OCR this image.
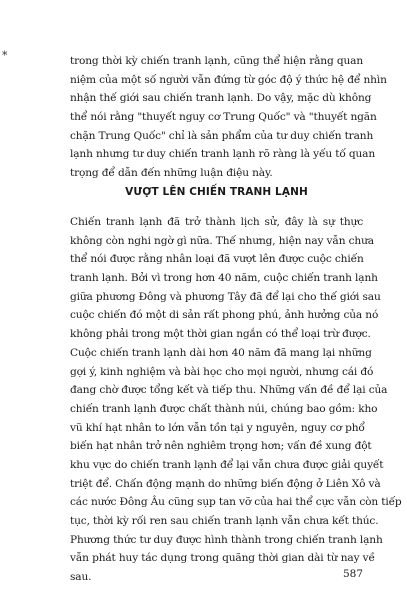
*	trong thời kỳ chiến tranh lạnh, cũng thể hiện rằng quan
niệm của một số người vẫn đứng từ góc độ ý thức hệ để nhìn
nhận thế giới sau chiến tranh lạnh. Do vậy, mặc dù không
thể nói rằng "thuyết nguy cơ Trung Quốc" và "thuyết ngăn
chặn Trung Quốc" chỉ là sản phẩm của tư duy chiến tranh
lạnh nhưng tư duy chiến tranh lạnh rõ ràng là yếu tố quan
trọng để dẫn đến những luận điệu này.
VƯỢT LÊN CHIẾN TRANH LẠNH
Chiến tranh lạnh đã trở thành lịch sử, đây là sự thực
không còn nghi ngờ gì nữa. Thế nhưng, hiện nay vẫn chưa
thể nói được rằng nhân loại đã vượt lên được cuộc chiến
tranh lạnh. Bởi vì trong hơn 40 năm, cuộc chiến tranh lạnh
giữa phương Đông và phương Tây đã để lại cho thế giới sau
cuộc chiến đó một di sản rất phong phú, ảnh hưởng của nó
không phải trong một thời gian ngắn có thể loại trừ được.
Cuộc chiến tranh lạnh dài hơn 40 năm đã mang lại những
gợi ý, kinh nghiệm và bài học cho mọi người, nhưng cái đó
đang chờ được tổng kết và tiếp thu. Những vấn đề để lại của
chiến tranh lạnh được chất thành núi, chúng bao gồm: kho
vũ khí hạt nhân to lớn vẫn tồn tại y nguyên, nguy cơ phổ
biến hạt nhân trở nên nghiêm trọng hơn; vấn đề xung đột
khu vực do chiến tranh lạnh để lại vẫn chưa được giải quyết
triệt để. Chấn động mạnh do những biến động ở Liên Xô và
các nước Đông Âu cũng sụp tan vỡ của hai thể cực vẫn còn tiếp
tục, thời kỳ rối ren sau chiến tranh lạnh vẫn chưa kết thúc.
Phương thức tư duy được hình thành trong chiến tranh lạnh
vẫn phát huy tác dụng trong quãng thời gian dài từ nay về
sau.	587
